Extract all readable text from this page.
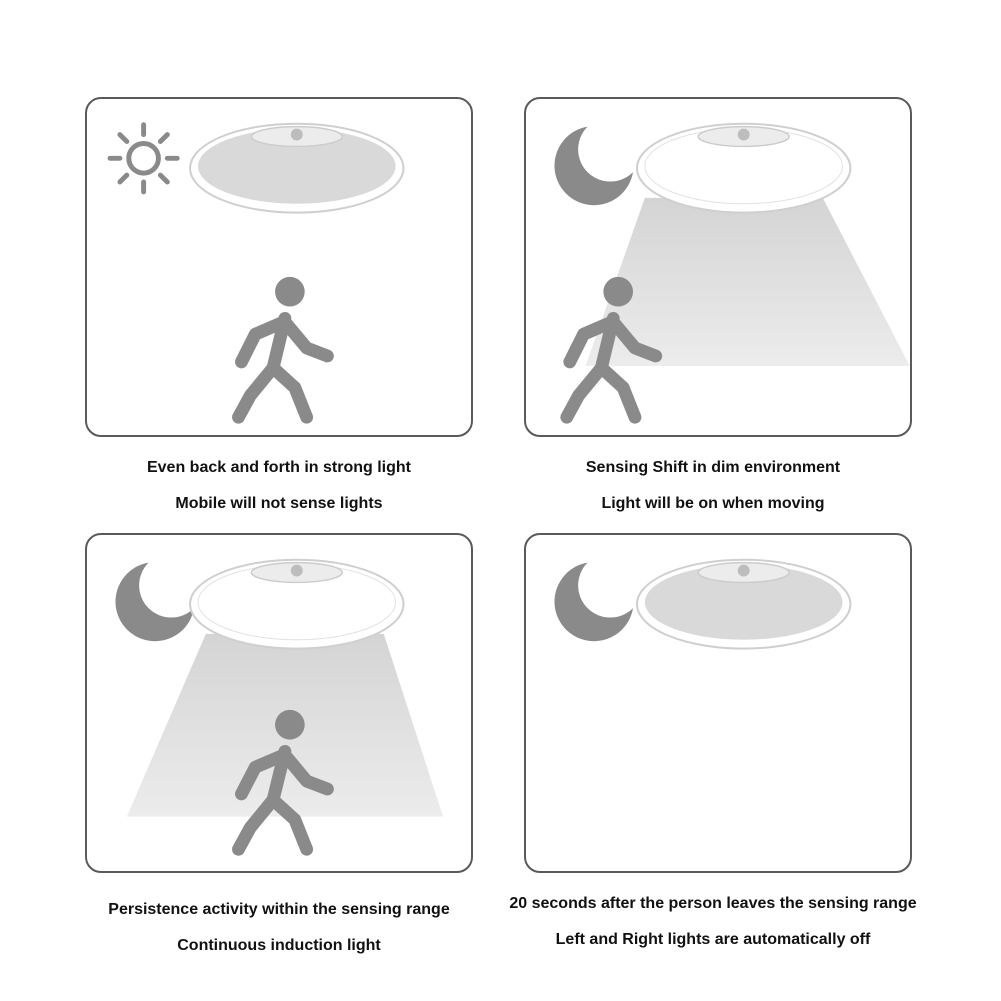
Even back and forth in strong light
Mobile will not sense lights
Sensing Shift in dim environment
Light will be on when moving
Persistence activity within the sensing range
Continuous induction light
20 seconds after the person leaves the sensing range
Left and Right lights are automatically off
